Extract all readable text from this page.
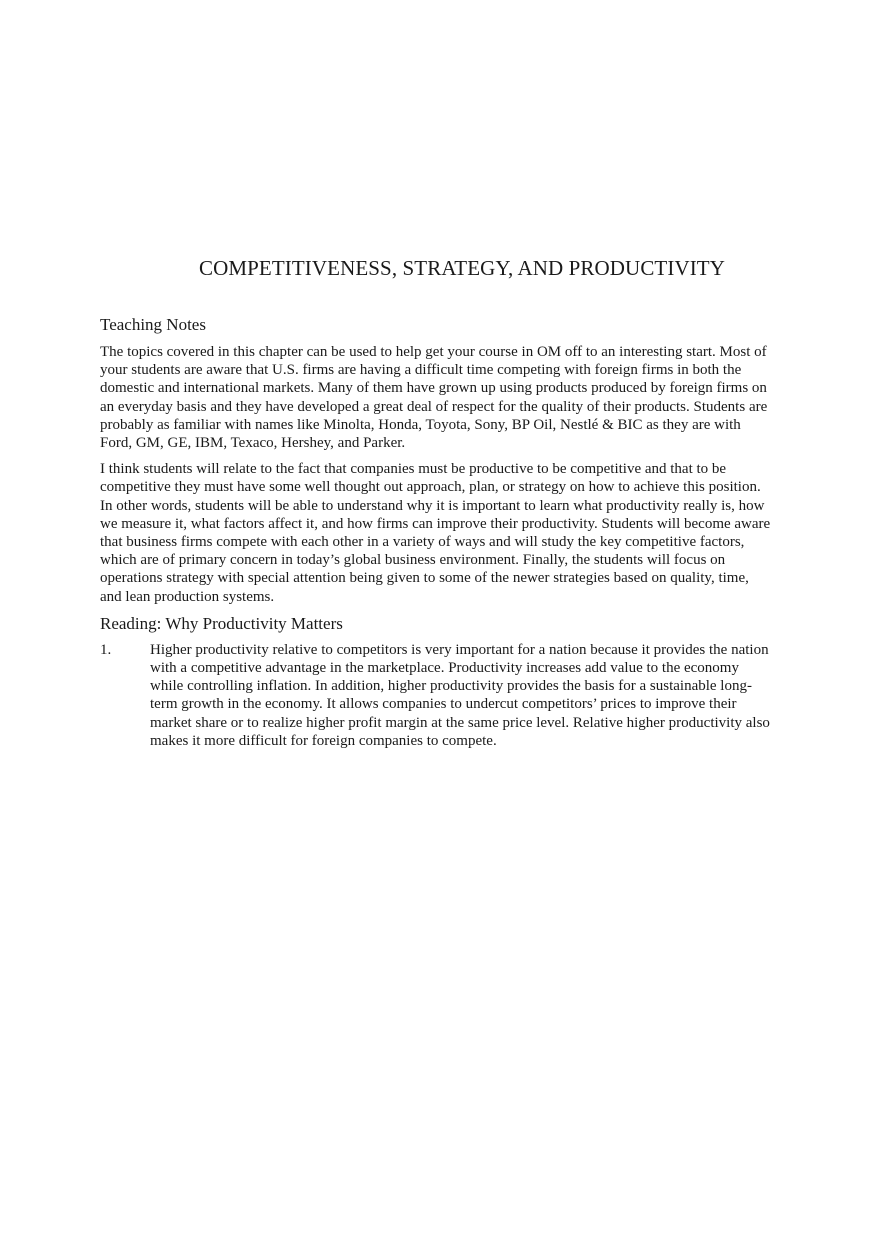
COMPETITIVENESS, STRATEGY, AND PRODUCTIVITY
Teaching Notes

The topics covered in this chapter can be used to help get your course in OM off to an interesting start. Most of your students are aware that U.S. firms are having a difficult time competing with foreign firms in both the domestic and international markets. Many of them have grown up using products produced by foreign firms on an everyday basis and they have developed a great deal of respect for the quality of their products. Students are probably as familiar with names like Minolta, Honda, Toyota, Sony, BP Oil, Nestlé & BIC as they are with Ford, GM, GE, IBM, Texaco, Hershey, and Parker.

I think students will relate to the fact that companies must be productive to be competitive and that to be competitive they must have some well thought out approach, plan, or strategy on how to achieve this position. In other words, students will be able to understand why it is important to learn what productivity really is, how we measure it, what factors affect it, and how firms can improve their productivity. Students will become aware that business firms compete with each other in a variety of ways and will study the key competitive factors, which are of primary concern in today’s global business environment. Finally, the students will focus on operations strategy with special attention being given to some of the newer strategies based on quality, time, and lean production systems.

Reading: Why Productivity Matters
1.	Higher productivity relative to competitors is very important for a nation because it provides the nation with a competitive advantage in the marketplace. Productivity increases add value to the economy while controlling inflation. In addition, higher productivity provides the basis for a sustainable long-term growth in the economy. It allows companies to undercut competitors’ prices to improve their market share or to realize higher profit margin at the same price level. Relative higher productivity also makes it more difficult for foreign companies to compete.
